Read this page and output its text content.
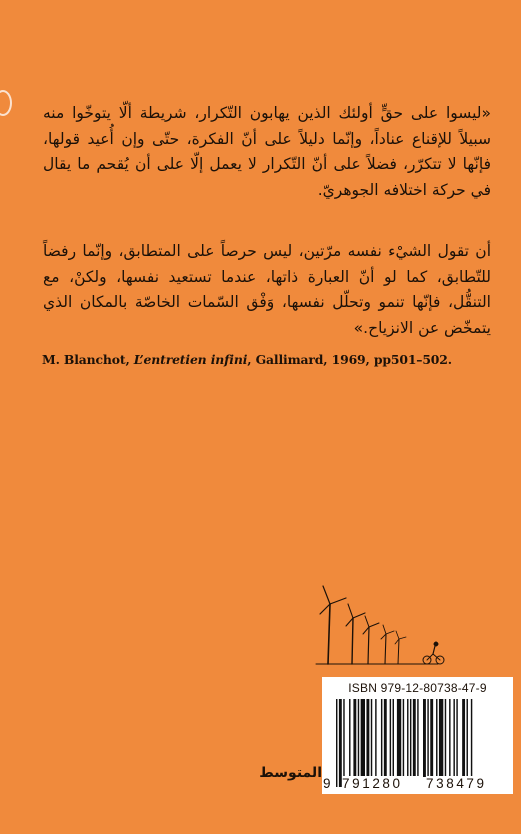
«ليسوا على حقٍّ أولئك الذين يهابون التّكرار، شريطة ألّا يتوخّوا منه سبيلاً للإقناع عناداً، وإنّما دليلاً على أنّ الفكرة، حتّى وإن أُعيد قولها، فإنّها لا تتكرّر، فضلاً على أنّ التّكرار لا يعمل إلّا على أن يُقحم ما يقال في حركة اختلافه الجوهريّ.

أن تقول الشيْء نفسه مرّتين، ليس حرصاً على المتطابق، وإنّما رفضاً للتّطابق، كما لو أنّ العبارة ذاتها، عندما تستعيد نفسها، ولكنْ، مع التنقُّل، فإنّها تنمو وتحلّل نفسها، وَفْق السّمات الخاصّة بالمكان الذي يتمخّض عن الانزياح.»

M. Blanchot, L’entretien infini, Gallimard, 1969, pp501–502.

ISBN 979-12-80738-47-9
9 791280	738479
المتوسط
